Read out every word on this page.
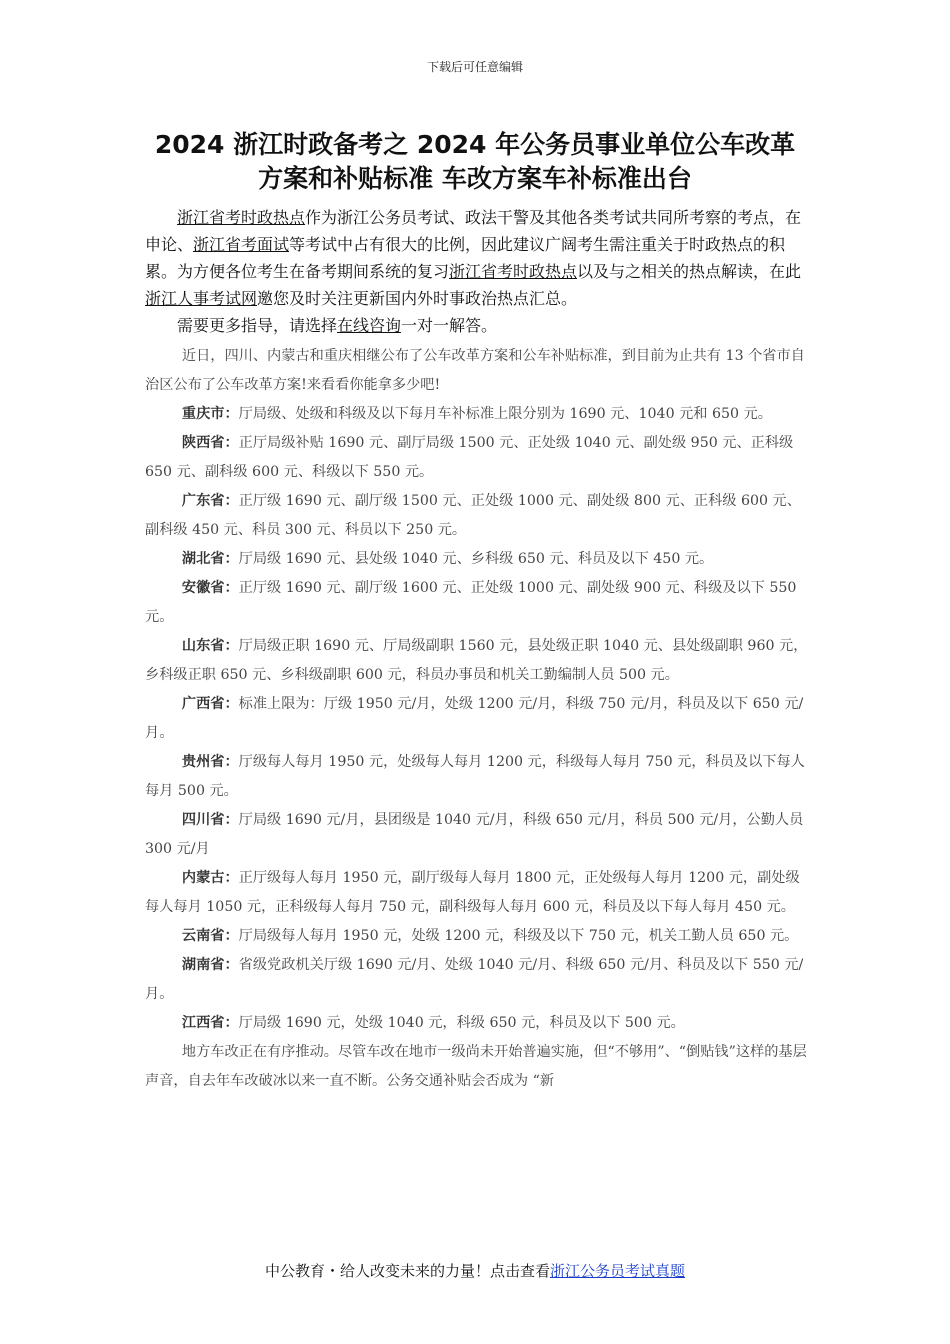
下载后可任意编辑
2024 浙江时政备考之 2024 年公务员事业单位公车改革
方案和补贴标准 车改方案车补标准出台

浙江省考时政热点作为浙江公务员考试、政法干警及其他各类考试共同所考察的考点，在申论、浙江省考面试等考试中占有很大的比例，因此建议广阔考生需注重关于时政热点的积累。为方便各位考生在备考期间系统的复习浙江省考时政热点以及与之相关的热点解读，在此浙江人事考试网邀您及时关注更新国内外时事政治热点汇总。

需要更多指导，请选择在线咨询一对一解答。

近日，四川、内蒙古和重庆相继公布了公车改革方案和公车补贴标准，到目前为止共有 13 个省市自治区公布了公车改革方案!来看看你能拿多少吧!

重庆市：厅局级、处级和科级及以下每月车补标准上限分别为 1690 元、1040 元和 650 元。

陕西省：正厅局级补贴 1690 元、副厅局级 1500 元、正处级 1040 元、副处级 950 元、正科级 650 元、副科级 600 元、科级以下 550 元。

广东省：正厅级 1690 元、副厅级 1500 元、正处级 1000 元、副处级 800 元、正科级 600 元、副科级 450 元、科员 300 元、科员以下 250 元。

湖北省：厅局级 1690 元、县处级 1040 元、乡科级 650 元、科员及以下 450 元。

安徽省：正厅级 1690 元、副厅级 1600 元、正处级 1000 元、副处级 900 元、科级及以下 550 元。

山东省：厅局级正职 1690 元、厅局级副职 1560 元，县处级正职 1040 元、县处级副职 960 元，乡科级正职 650 元、乡科级副职 600 元，科员办事员和机关工勤编制人员 500 元。

广西省：标准上限为：厅级 1950 元/月，处级 1200 元/月，科级 750 元/月，科员及以下 650 元/月。

贵州省：厅级每人每月 1950 元，处级每人每月 1200 元，科级每人每月 750 元，科员及以下每人每月 500 元。

四川省：厅局级 1690 元/月，县团级是 1040 元/月，科级 650 元/月，科员 500 元/月，公勤人员 300 元/月

内蒙古：正厅级每人每月 1950 元，副厅级每人每月 1800 元，正处级每人每月 1200 元，副处级每人每月 1050 元，正科级每人每月 750 元，副科级每人每月 600 元，科员及以下每人每月 450 元。

云南省：厅局级每人每月 1950 元，处级 1200 元，科级及以下 750 元，机关工勤人员 650 元。

湖南省：省级党政机关厅级 1690 元/月、处级 1040 元/月、科级 650 元/月、科员及以下 550 元/月。

江西省：厅局级 1690 元，处级 1040 元，科级 650 元，科员及以下 500 元。

地方车改正在有序推动。尽管车改在地市一级尚未开始普遍实施，但“不够用”、“倒贴钱”这样的基层声音，自去年车改破冰以来一直不断。公务交通补贴会否成为 “新

中公教育・给人改变未来的力量！点击查看浙江公务员考试真题
